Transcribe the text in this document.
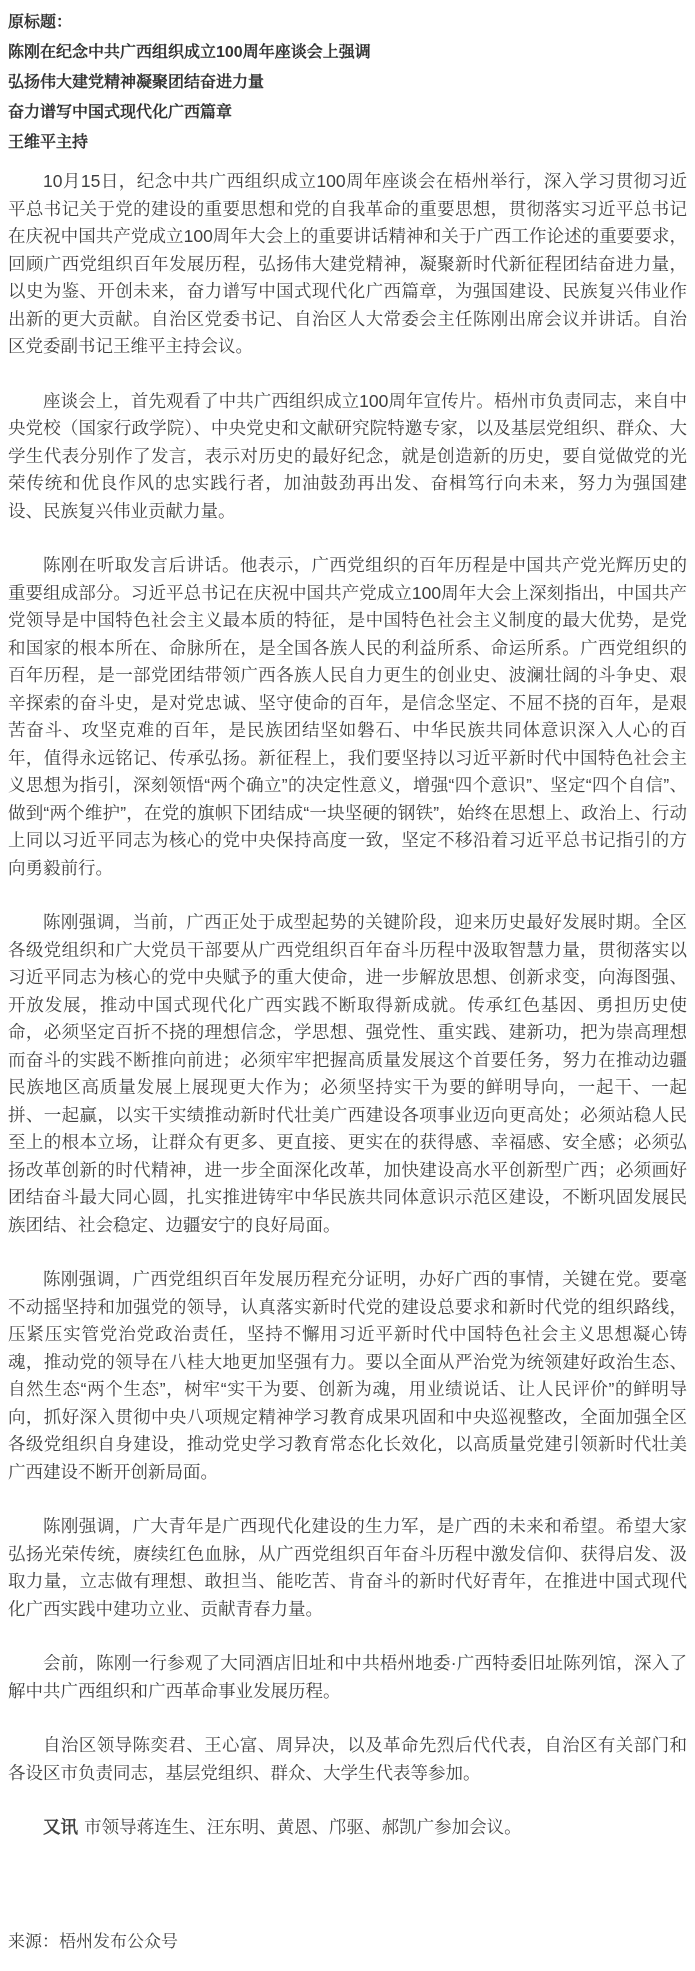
原标题：
陈刚在纪念中共广西组织成立100周年座谈会上强调
弘扬伟大建党精神凝聚团结奋进力量
奋力谱写中国式现代化广西篇章
王维平主持

10月15日，纪念中共广西组织成立100周年座谈会在梧州举行，深入学习贯彻习近平总书记关于党的建设的重要思想和党的自我革命的重要思想，贯彻落实习近平总书记在庆祝中国共产党成立100周年大会上的重要讲话精神和关于广西工作论述的重要要求，回顾广西党组织百年发展历程，弘扬伟大建党精神，凝聚新时代新征程团结奋进力量，以史为鉴、开创未来，奋力谱写中国式现代化广西篇章，为强国建设、民族复兴伟业作出新的更大贡献。自治区党委书记、自治区人大常委会主任陈刚出席会议并讲话。自治区党委副书记王维平主持会议。

座谈会上，首先观看了中共广西组织成立100周年宣传片。梧州市负责同志，来自中央党校（国家行政学院）、中央党史和文献研究院特邀专家，以及基层党组织、群众、大学生代表分别作了发言，表示对历史的最好纪念，就是创造新的历史，要自觉做党的光荣传统和优良作风的忠实践行者，加油鼓劲再出发、奋楫笃行向未来，努力为强国建设、民族复兴伟业贡献力量。

陈刚在听取发言后讲话。他表示，广西党组织的百年历程是中国共产党光辉历史的重要组成部分。习近平总书记在庆祝中国共产党成立100周年大会上深刻指出，中国共产党领导是中国特色社会主义最本质的特征，是中国特色社会主义制度的最大优势，是党和国家的根本所在、命脉所在，是全国各族人民的利益所系、命运所系。广西党组织的百年历程，是一部党团结带领广西各族人民自力更生的创业史、波澜壮阔的斗争史、艰辛探索的奋斗史，是对党忠诚、坚守使命的百年，是信念坚定、不屈不挠的百年，是艰苦奋斗、攻坚克难的百年，是民族团结坚如磐石、中华民族共同体意识深入人心的百年，值得永远铭记、传承弘扬。新征程上，我们要坚持以习近平新时代中国特色社会主义思想为指引，深刻领悟“两个确立”的决定性意义，增强“四个意识”、坚定“四个自信”、做到“两个维护”，在党的旗帜下团结成“一块坚硬的钢铁”，始终在思想上、政治上、行动上同以习近平同志为核心的党中央保持高度一致，坚定不移沿着习近平总书记指引的方向勇毅前行。

陈刚强调，当前，广西正处于成型起势的关键阶段，迎来历史最好发展时期。全区各级党组织和广大党员干部要从广西党组织百年奋斗历程中汲取智慧力量，贯彻落实以习近平同志为核心的党中央赋予的重大使命，进一步解放思想、创新求变，向海图强、开放发展，推动中国式现代化广西实践不断取得新成就。传承红色基因、勇担历史使命，必须坚定百折不挠的理想信念，学思想、强党性、重实践、建新功，把为崇高理想而奋斗的实践不断推向前进；必须牢牢把握高质量发展这个首要任务，努力在推动边疆民族地区高质量发展上展现更大作为；必须坚持实干为要的鲜明导向，一起干、一起拼、一起赢，以实干实绩推动新时代壮美广西建设各项事业迈向更高处；必须站稳人民至上的根本立场，让群众有更多、更直接、更实在的获得感、幸福感、安全感；必须弘扬改革创新的时代精神，进一步全面深化改革，加快建设高水平创新型广西；必须画好团结奋斗最大同心圆，扎实推进铸牢中华民族共同体意识示范区建设，不断巩固发展民族团结、社会稳定、边疆安宁的良好局面。

陈刚强调，广西党组织百年发展历程充分证明，办好广西的事情，关键在党。要毫不动摇坚持和加强党的领导，认真落实新时代党的建设总要求和新时代党的组织路线，压紧压实管党治党政治责任，坚持不懈用习近平新时代中国特色社会主义思想凝心铸魂，推动党的领导在八桂大地更加坚强有力。要以全面从严治党为统领建好政治生态、自然生态“两个生态”，树牢“实干为要、创新为魂，用业绩说话、让人民评价”的鲜明导向，抓好深入贯彻中央八项规定精神学习教育成果巩固和中央巡视整改，全面加强全区各级党组织自身建设，推动党史学习教育常态化长效化，以高质量党建引领新时代壮美广西建设不断开创新局面。

陈刚强调，广大青年是广西现代化建设的生力军，是广西的未来和希望。希望大家弘扬光荣传统，赓续红色血脉，从广西党组织百年奋斗历程中激发信仰、获得启发、汲取力量，立志做有理想、敢担当、能吃苦、肯奋斗的新时代好青年，在推进中国式现代化广西实践中建功立业、贡献青春力量。

会前，陈刚一行参观了大同酒店旧址和中共梧州地委·广西特委旧址陈列馆，深入了解中共广西组织和广西革命事业发展历程。

自治区领导陈奕君、王心富、周异决，以及革命先烈后代代表，自治区有关部门和各设区市负责同志，基层党组织、群众、大学生代表等参加。

又讯 市领导蒋连生、汪东明、黄恩、邝驱、郝凯广参加会议。

来源：梧州发布公众号
